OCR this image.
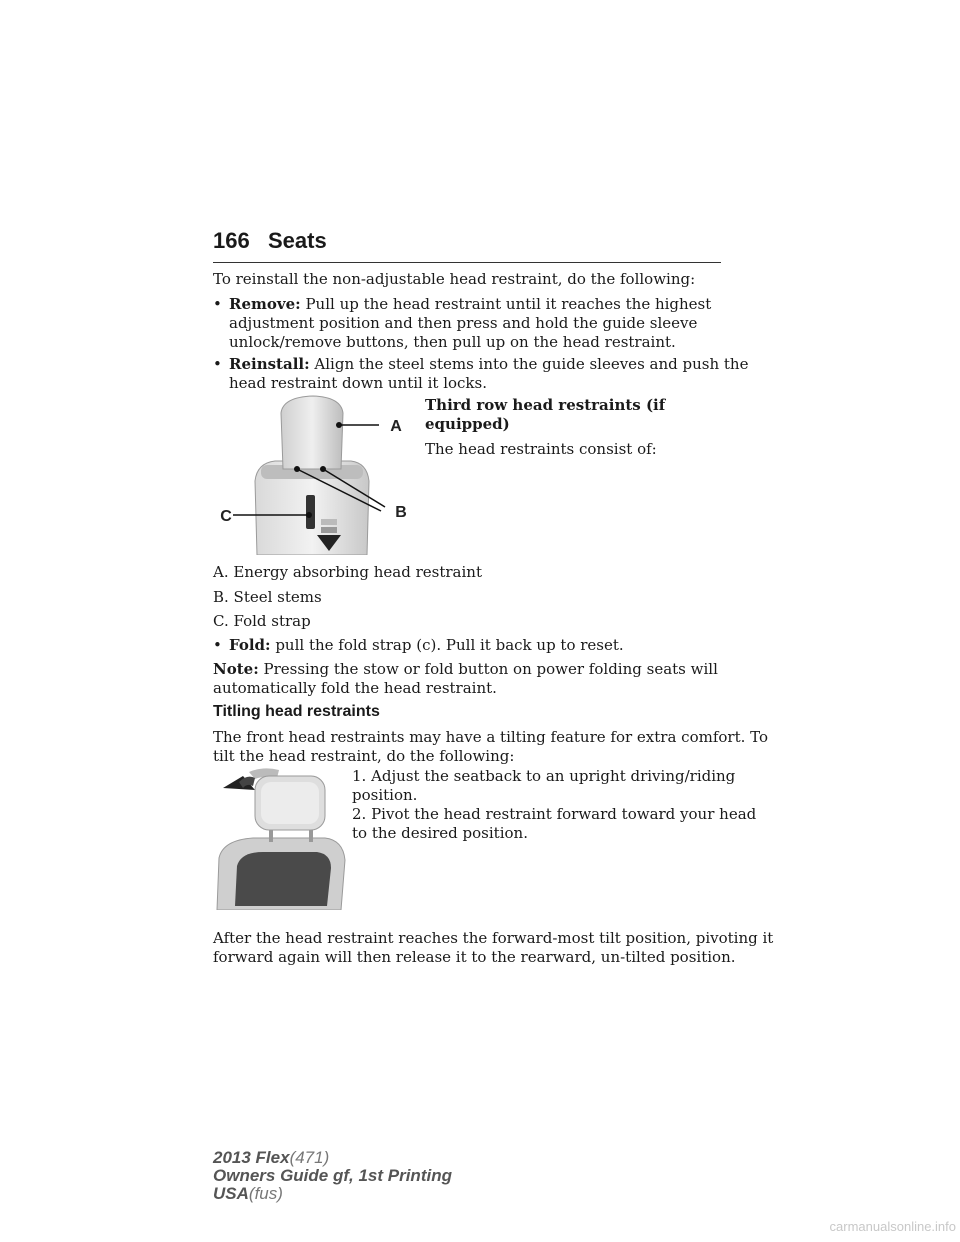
166 Seats
To reinstall the non-adjustable head restraint, do the following:
• Remove: Pull up the head restraint until it reaches the highest
adjustment position and then press and hold the guide sleeve
unlock/remove buttons, then pull up on the head restraint.
• Reinstall: Align the steel stems into the guide sleeves and push the
head restraint down until it locks.
A
B
C
Third row head restraints (if
equipped)
The head restraints consist of:
A. Energy absorbing head restraint
B. Steel stems
C. Fold strap
• Fold: pull the fold strap (c). Pull it back up to reset.
Note: Pressing the stow or fold button on power folding seats will
automatically fold the head restraint.
Titling head restraints
The front head restraints may have a tilting feature for extra comfort. To
tilt the head restraint, do the following:
1. Adjust the seatback to an upright driving/riding
position.
2. Pivot the head restraint forward toward your head
to the desired position.
After the head restraint reaches the forward-most tilt position, pivoting it
forward again will then release it to the rearward, un-tilted position.
2013 Flex(471)
Owners Guide gf, 1st Printing
USA(fus)
carmanualsonline.info
